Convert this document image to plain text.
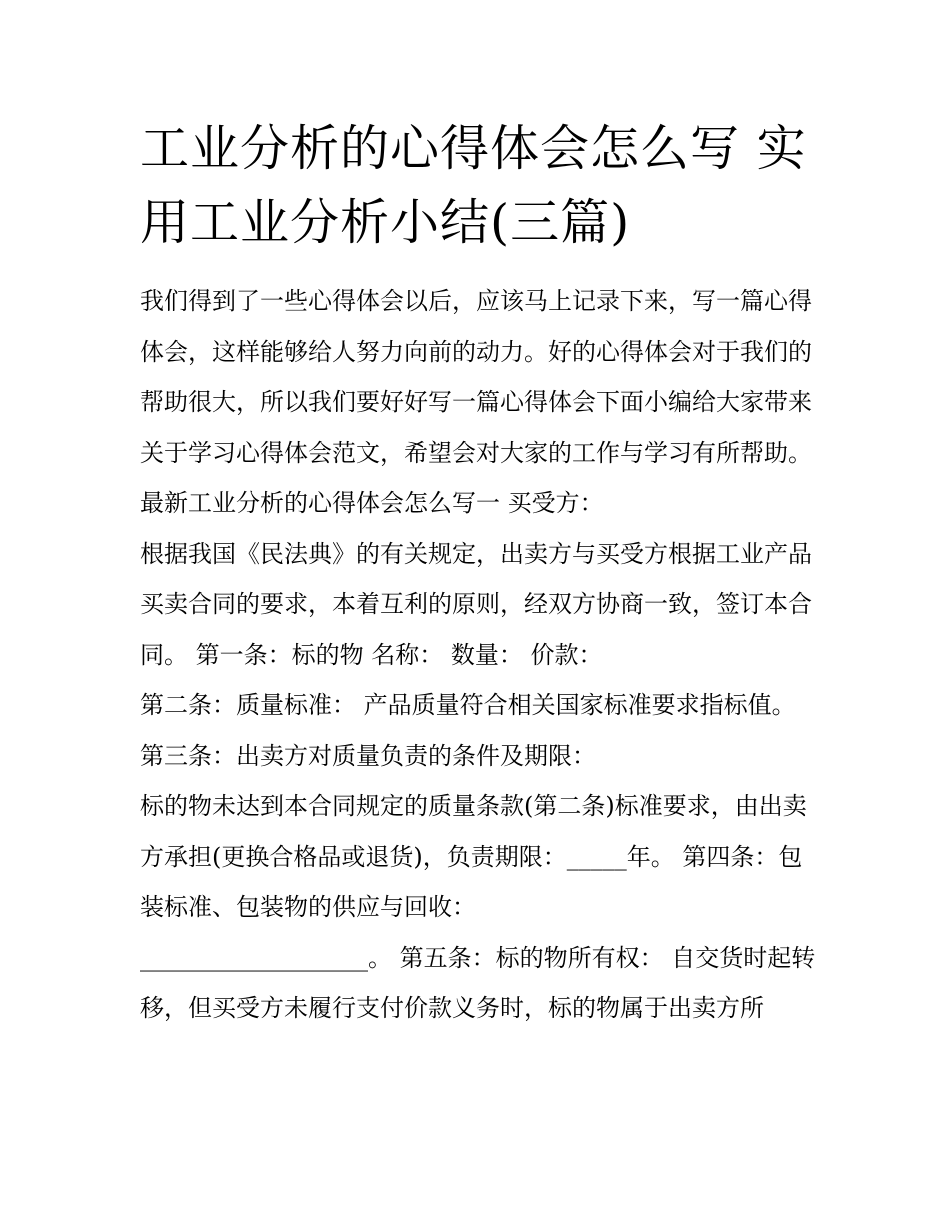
工业分析的心得体会怎么写 实用工业分析小结(三篇)

我们得到了一些心得体会以后，应该马上记录下来，写一篇心得体会，这样能够给人努力向前的动力。好的心得体会对于我们的帮助很大，所以我们要好好写一篇心得体会下面小编给大家带来关于学习心得体会范文，希望会对大家的工作与学习有所帮助。

最新工业分析的心得体会怎么写一 买受方：

根据我国《民法典》的有关规定，出卖方与买受方根据工业产品买卖合同的要求，本着互利的原则，经双方协商一致，签订本合同。 第一条：标的物 名称： 数量： 价款：

第二条：质量标准： 产品质量符合相关国家标准要求指标值。 第三条：出卖方对质量负责的条件及期限：

标的物未达到本合同规定的质量条款(第二条)标准要求，由出卖方承担(更换合格品或退货)，负责期限：_____年。 第四条：包装标准、包装物的供应与回收：

___________________。 第五条：标的物所有权： 自交货时起转移，但买受方未履行支付价款义务时，标的物属于出卖方所
